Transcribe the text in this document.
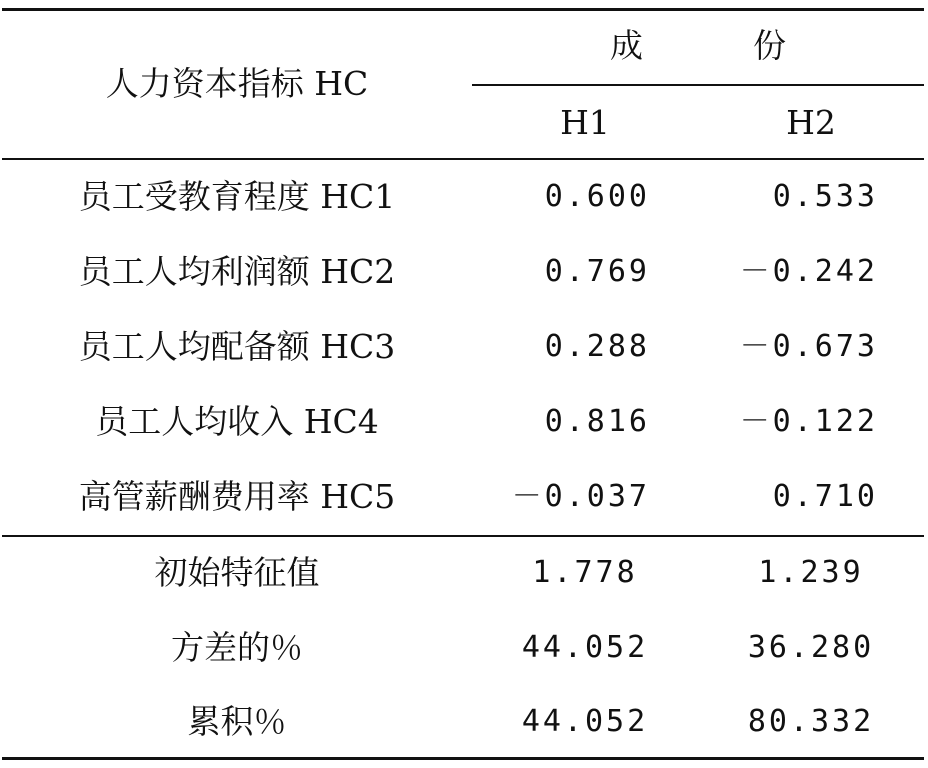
人力资本指标 HC
成份
H1	H2
员工受教育程度 HC1	0.600	0.533
员工人均利润额 HC2	0.769	－0.242
员工人均配备额 HC3	0.288	－0.673
员工人均收入 HC4	0.816	－0.122
高管薪酬费用率 HC5	－0.037	0.710
初始特征值	1.778	1.239
方差的％	44.052	36.280
累积％	44.052	80.332
